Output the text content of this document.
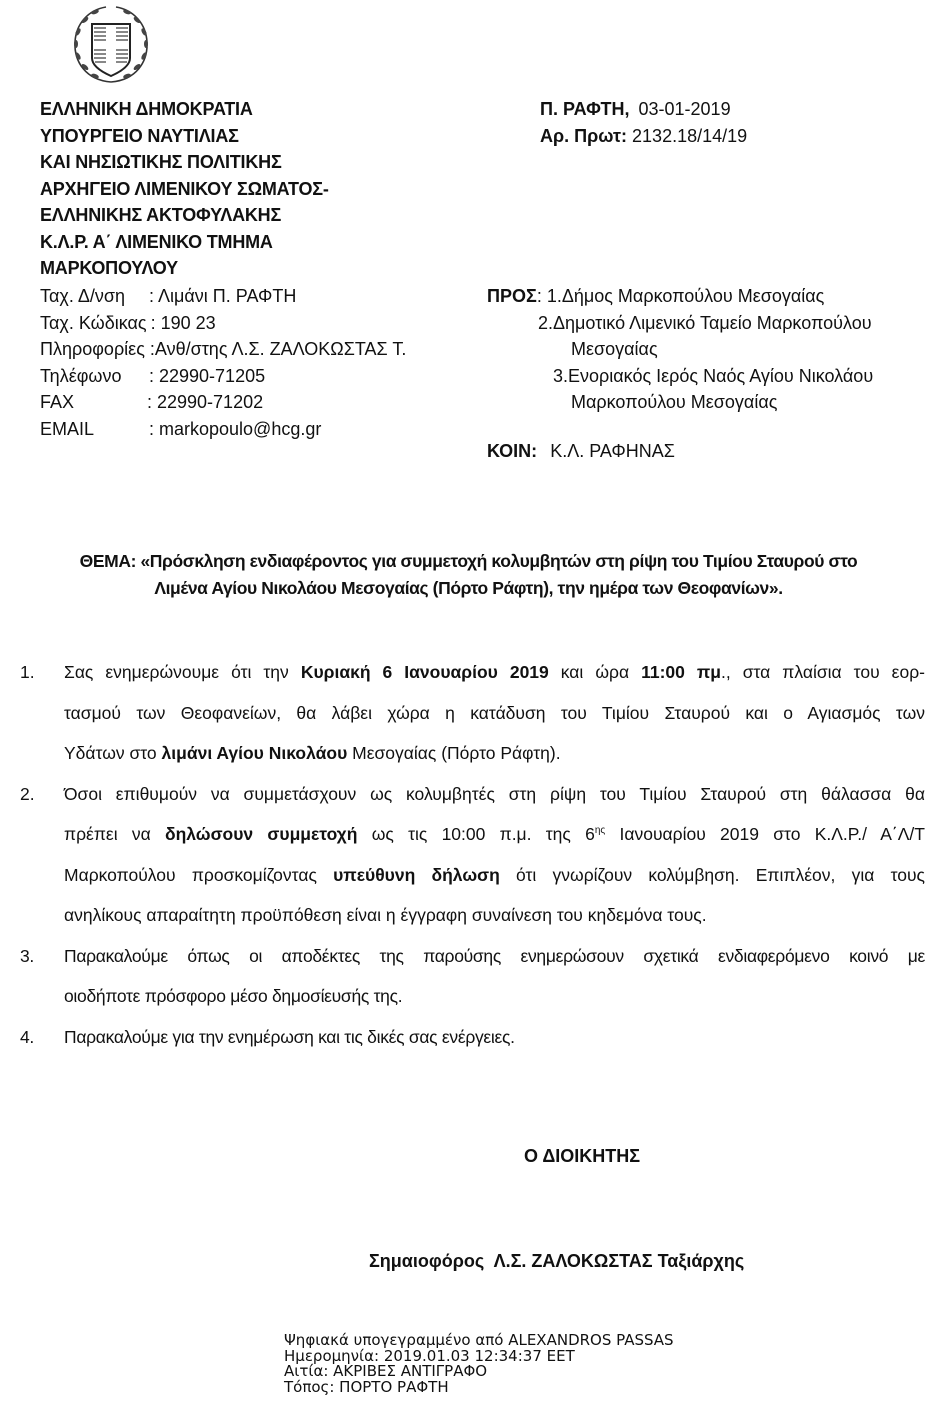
ΕΛΛΗΝΙΚΗ ΔΗΜΟΚΡΑΤΙΑ
ΥΠΟΥΡΓΕΙΟ ΝΑΥΤΙΛΙΑΣ
ΚΑΙ ΝΗΣΙΩΤΙΚΗΣ ΠΟΛΙΤΙΚΗΣ
ΑΡΧΗΓΕΙΟ ΛΙΜΕΝΙΚΟΥ ΣΩΜΑΤΟΣ-
ΕΛΛΗΝΙΚΗΣ ΑΚΤΟΦΥΛΑΚΗΣ
Κ.Λ.Ρ. Α΄ ΛΙΜΕΝΙΚΟ ΤΜΗΜΑ
ΜΑΡΚΟΠΟΥΛΟΥ
Ταχ. Δ/νση	: Λιμάνι Π. ΡΑΦΤΗ
Ταχ. Κώδικας : 190 23
Πληροφορίες :Ανθ/στης Λ.Σ. ΖΑΛΟΚΩΣΤΑΣ Τ.
Τηλέφωνο	: 22990-71205
FAX	: 22990-71202
EMAIL	: markopoulo@hcg.gr
Π. ΡΑΦΤΗ, 03-01-2019
Αρ. Πρωτ: 2132.18/14/19
ΠΡΟΣ: 1.Δήμος Μαρκοπούλου Μεσογαίας
2.Δημοτικό Λιμενικό Ταμείο Μαρκοπούλου
Μεσογαίας
3.Ενοριακός Ιερός Ναός Αγίου Νικολάου
Μαρκοπούλου Μεσογαίας
ΚΟΙΝ: Κ.Λ. ΡΑΦΗΝΑΣ
ΘΕΜΑ: «Πρόσκληση ενδιαφέροντος για συμμετοχή κολυμβητών στη ρίψη του Τιμίου Σταυρού στο
Λιμένα Αγίου Νικολάου Μεσογαίας (Πόρτο Ράφτη), την ημέρα των Θεοφανίων».
1. Σας ενημερώνουμε ότι την Κυριακή 6 Ιανουαρίου 2019 και ώρα 11:00 πμ., στα πλαίσια του εορ-
τασμού των Θεοφανείων, θα λάβει χώρα η κατάδυση του Τιμίου Σταυρού και ο Αγιασμός των
Υδάτων στο λιμάνι Αγίου Νικολάου Μεσογαίας (Πόρτο Ράφτη).
2. Όσοι επιθυμούν να συμμετάσχουν ως κολυμβητές στη ρίψη του Τιμίου Σταυρού στη θάλασσα θα
πρέπει να δηλώσουν συμμετοχή ως τις 10:00 π.μ. της $6^{\eta\varsigma}$ Ιανουαρίου 2019 στο Κ.Λ.Ρ./ Α΄Λ/Τ
Μαρκοπούλου προσκομίζοντας υπεύθυνη δήλωση ότι γνωρίζουν κολύμβηση. Επιπλέον, για τους
ανηλίκους απαραίτητη προϋπόθεση είναι η έγγραφη συναίνεση του κηδεμόνα τους.
3. Παρακαλούμε όπως οι αποδέκτες της παρούσης ενημερώσουν σχετικά ενδιαφερόμενο κοινό με
οιοδήποτε πρόσφορο μέσο δημοσίευσής της.
4. Παρακαλούμε για την ενημέρωση και τις δικές σας ενέργειες.
Ο ΔΙΟΙΚΗΤΗΣ
Σημαιοφόρος  Λ.Σ. ΖΑΛΟΚΩΣΤΑΣ Ταξιάρχης
Ψηφιακά υπογεγραμμένο από ALEXANDROS PASSAS
Ημερομηνία: 2019.01.03 12:34:37 EET
Αιτία: ΑΚΡΙΒΕΣ ΑΝΤΙΓΡΑΦΟ
Τόπος: ΠΟΡΤΟ ΡΑΦΤΗ
